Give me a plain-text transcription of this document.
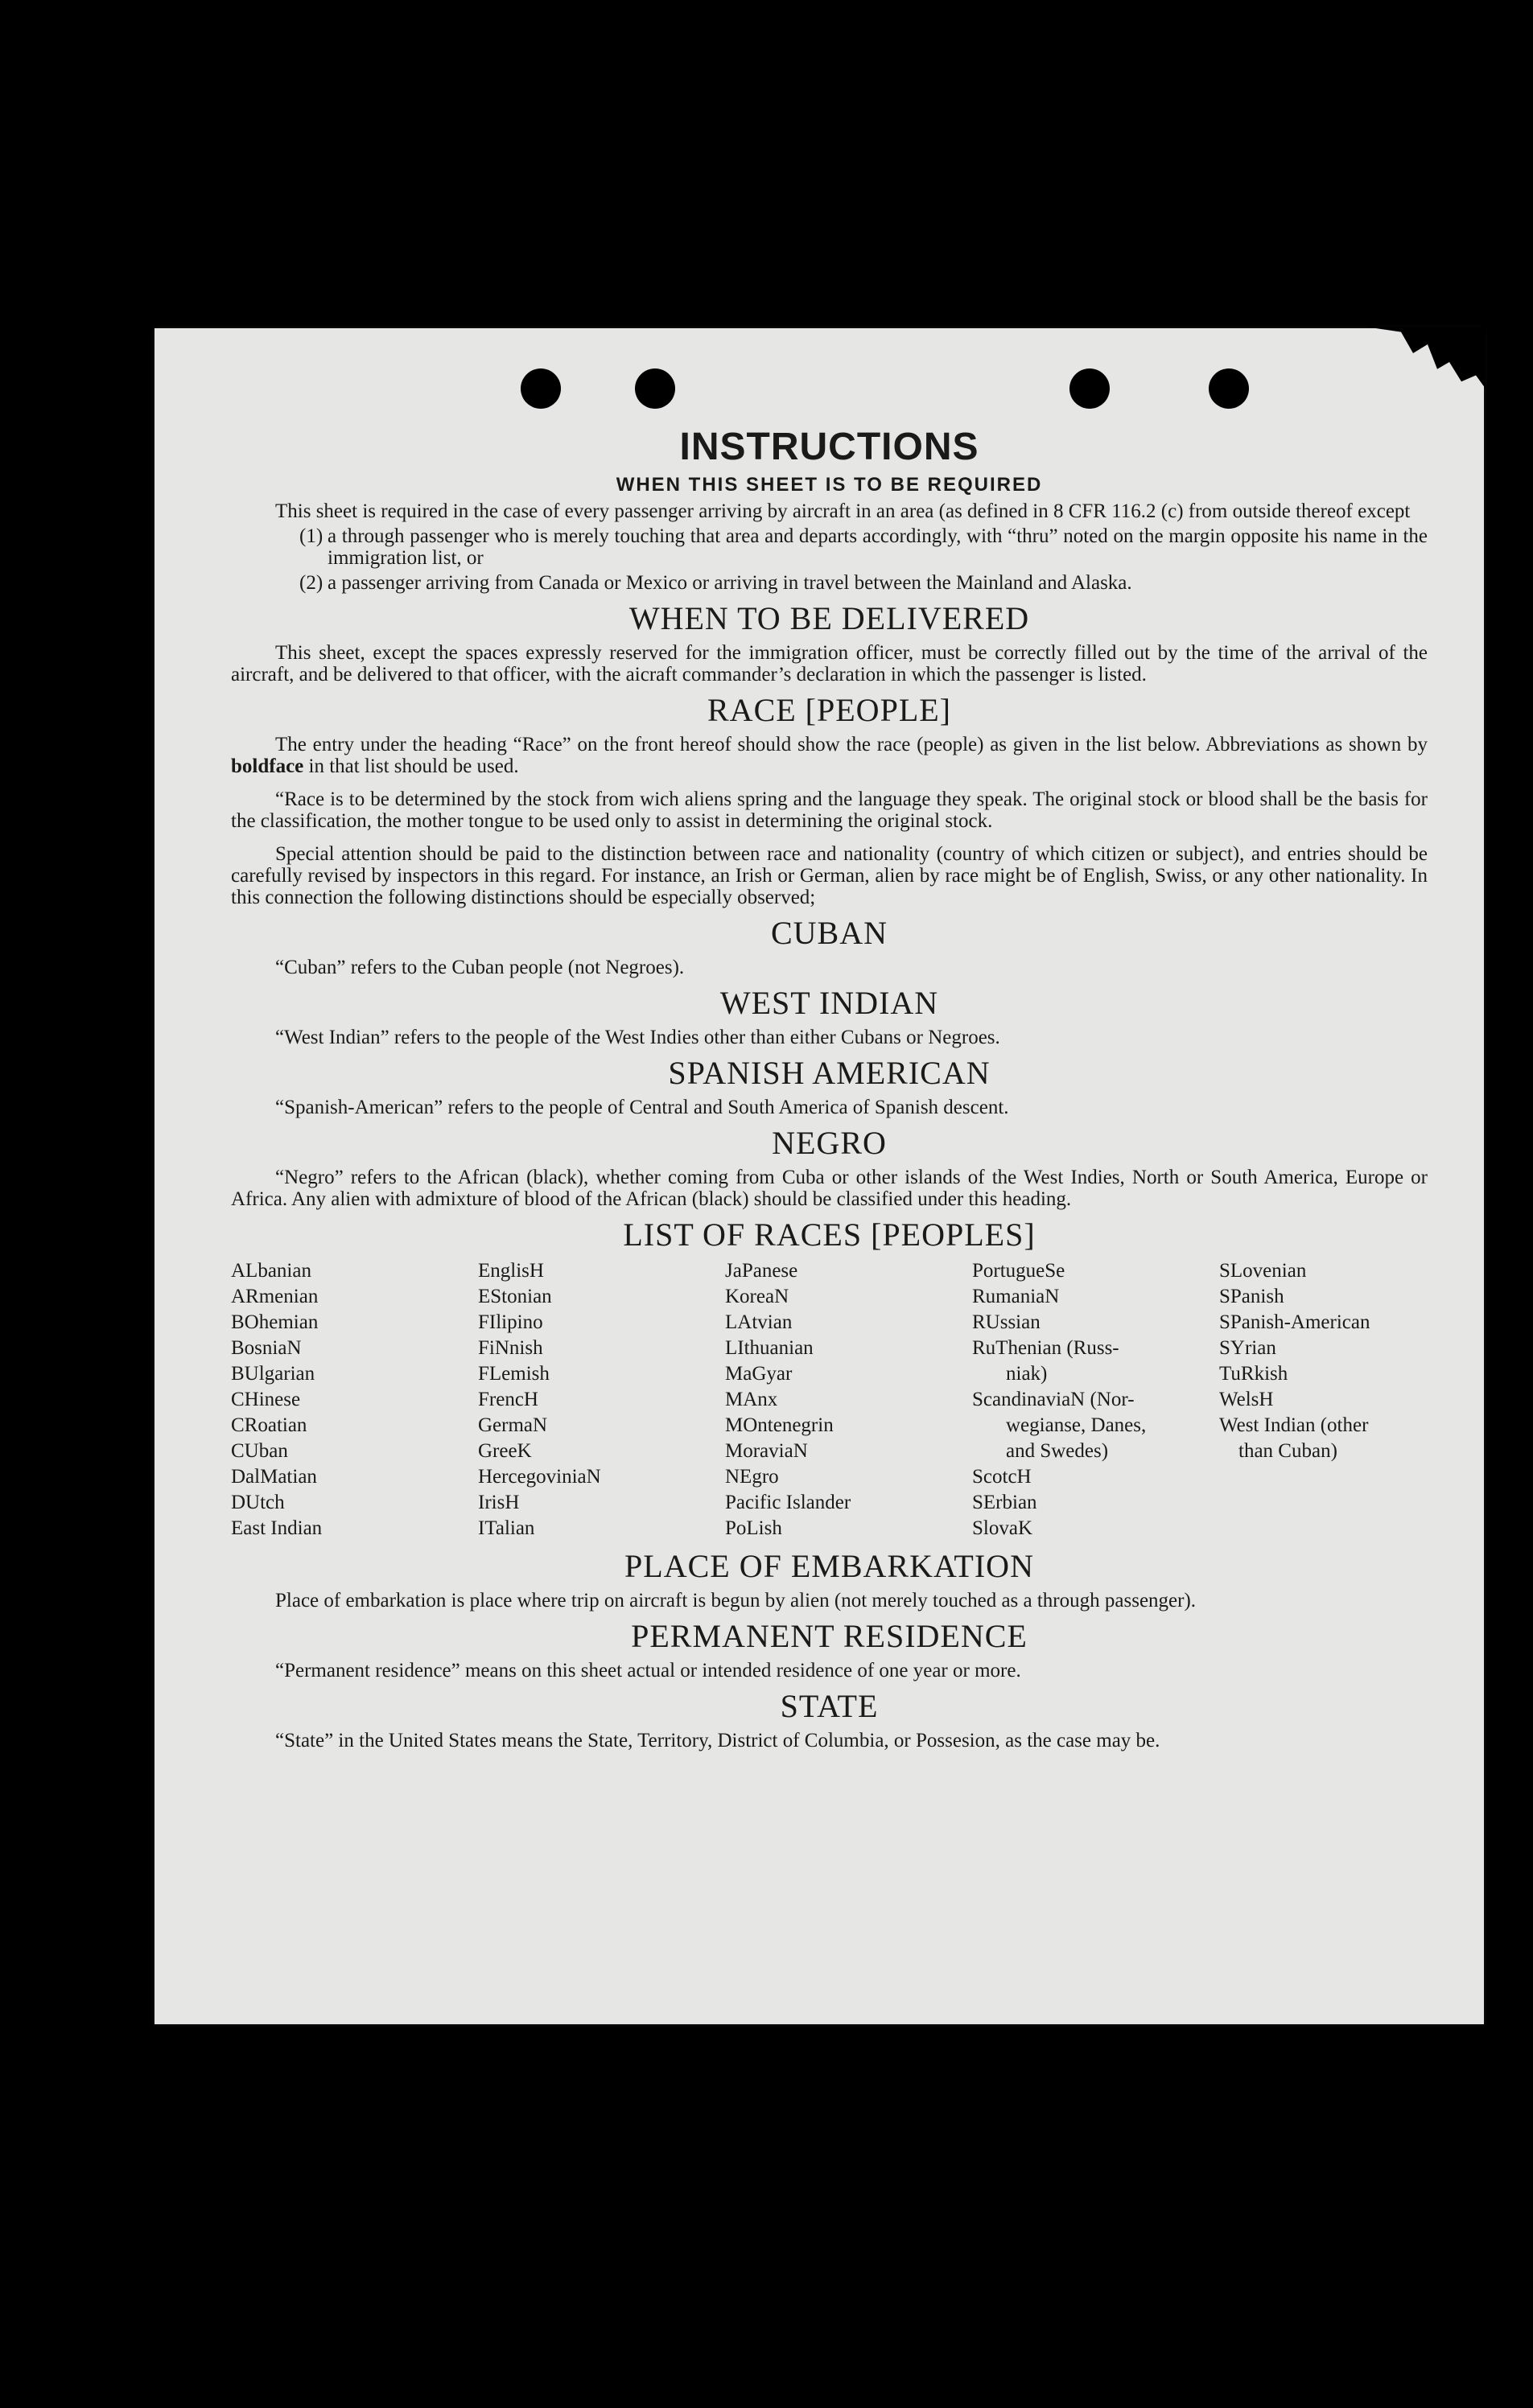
INSTRUCTIONS
WHEN THIS SHEET IS TO BE REQUIRED

This sheet is required in the case of every passenger arriving by aircraft in an area (as defined in 8 CFR 116.2 (c) from outside thereof except

(1) a through passenger who is merely touching that area and departs accordingly, with “thru” noted on the margin opposite his name in the immigration list, or
(2) a passenger arriving from Canada or Mexico or arriving in travel between the Mainland and Alaska.
WHEN TO BE DELIVERED

This sheet, except the spaces expressly reserved for the immigration officer, must be correctly filled out by the time of the arrival of the aircraft, and be delivered to that officer, with the aicraft commander’s declaration in which the passenger is listed.

RACE [PEOPLE]

The entry under the heading “Race” on the front hereof should show the race (people) as given in the list below. Abbreviations as shown by boldface in that list should be used.

“Race is to be determined by the stock from wich aliens spring and the language they speak. The original stock or blood shall be the basis for the classification, the mother tongue to be used only to assist in determining the original stock.

Special attention should be paid to the distinction between race and nationality (country of which citizen or subject), and entries should be carefully revised by inspectors in this regard. For instance, an Irish or German, alien by race might be of English, Swiss, or any other nationality. In this connection the following distinctions should be especially observed;

CUBAN

“Cuban” refers to the Cuban people (not Negroes).

WEST INDIAN

“West Indian” refers to the people of the West Indies other than either Cubans or Negroes.

SPANISH AMERICAN

“Spanish-American” refers to the people of Central and South America of Spanish descent.

NEGRO

“Negro” refers to the African (black), whether coming from Cuba or other islands of the West Indies, North or South America, Europe or Africa. Any alien with admixture of blood of the African (black) should be classified under this heading.

LIST OF RACES [PEOPLES]
ALbanian
ARmenian
BOhemian
BosniaN
BUlgarian
CHinese
CRoatian
CUban
DalMatian
DUtch
East Indian
EnglisH
EStonian
FIlipino
FiNnish
FLemish
FrencH
GermaN
GreeK
HercegoviniaN
IrisH
ITalian
JaPanese
KoreaN
LAtvian
LIthuanian
MaGyar
MAnx
MOntenegrin
MoraviaN
NEgro
Pacific Islander
PoLish
PortugueSe
RumaniaN
RUssian
RuThenian (Russ-
niak)
ScandinaviaN (Nor-
wegianse, Danes,
and Swedes)
ScotcH
SErbian
SlovaK
SLovenian
SPanish
SPanish-American
SYrian
TuRkish
WelsH
West Indian (other
than Cuban)
PLACE OF EMBARKATION

Place of embarkation is place where trip on aircraft is begun by alien (not merely touched as a through passenger).

PERMANENT RESIDENCE

“Permanent residence” means on this sheet actual or intended residence of one year or more.

STATE

“State” in the United States means the State, Territory, District of Columbia, or Possesion, as the case may be.
